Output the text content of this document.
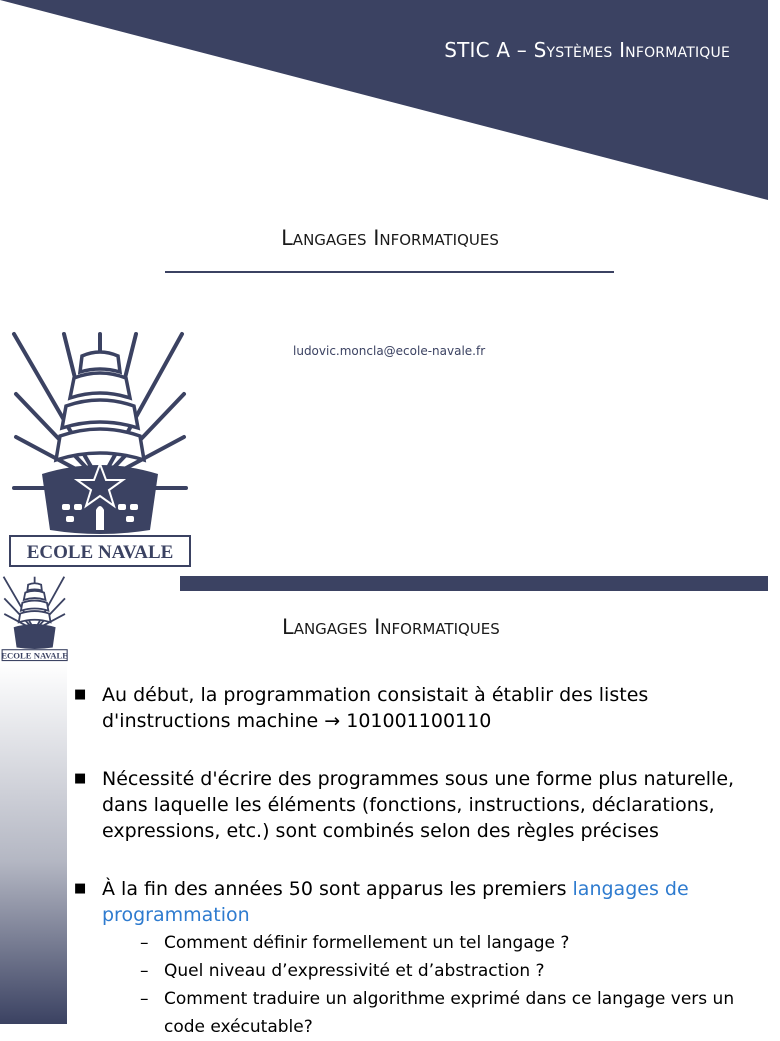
STIC A – Systèmes Informatique
Langages Informatiques
ludovic.moncla@ecole-navale.fr
ECOLE NAVALE
ECOLE NAVALE
Langages Informatiques
■ Au début, la programmation consistait à établir des listes d'instructions machine → 101001100110
■ Nécessité d'écrire des programmes sous une forme plus naturelle, dans laquelle les éléments (fonctions, instructions, déclarations, expressions, etc.) sont combinés selon des règles précises
■ À la fin des années 50 sont apparus les premiers langages de programmation
– Comment définir formellement un tel langage ?
– Quel niveau d’expressivité et d’abstraction ?
– Comment traduire un algorithme exprimé dans ce langage vers un code exécutable?
